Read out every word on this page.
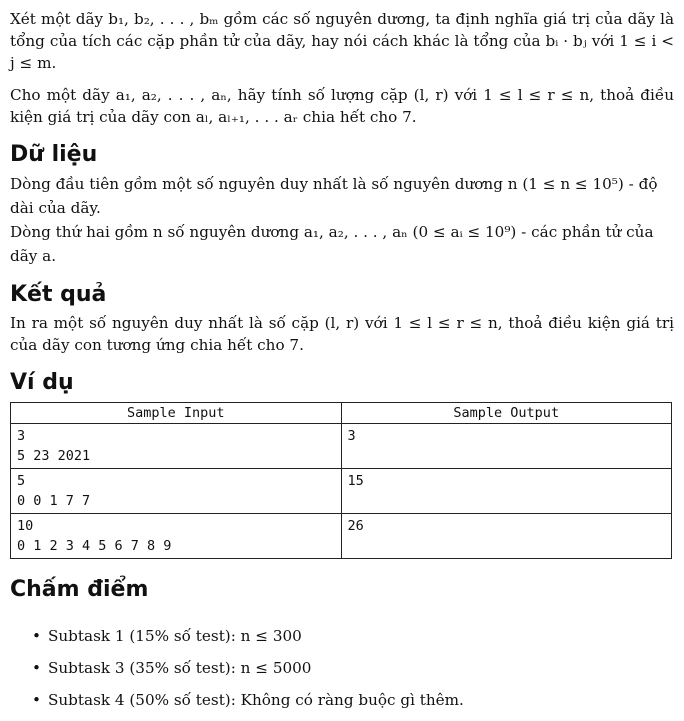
Xét một dãy b₁, b₂, . . . , bₘ gồm các số nguyên dương, ta định nghĩa giá trị của dãy là tổng của tích các cặp phần tử của dãy, hay nói cách khác là tổng của bᵢ · bⱼ với 1 ≤ i < j ≤ m.

Cho một dãy a₁, a₂, . . . , aₙ, hãy tính số lượng cặp (l, r) với 1 ≤ l ≤ r ≤ n, thoả điều kiện giá trị của dãy con aₗ, aₗ₊₁, . . . aᵣ chia hết cho 7.

Dữ liệu

Dòng đầu tiên gồm một số nguyên duy nhất là số nguyên dương n (1 ≤ n ≤ 10⁵) - độ dài của dãy.

Dòng thứ hai gồm n số nguyên dương a₁, a₂, . . . , aₙ (0 ≤ aᵢ ≤ 10⁹) - các phần tử của dãy a.

Kết quả

In ra một số nguyên duy nhất là số cặp (l, r) với 1 ≤ l ≤ r ≤ n, thoả điều kiện giá trị của dãy con tương ứng chia hết cho 7.

Ví dụ
Sample Input	Sample Output

3
5 23 2021	3

5
0 0 1 7 7	15

10
0 1 2 3 4 5 6 7 8 9	26
Chấm điểm
• Subtask 1 (15% số test): n ≤ 300
• Subtask 3 (35% số test): n ≤ 5000
• Subtask 4 (50% số test): Không có ràng buộc gì thêm.
